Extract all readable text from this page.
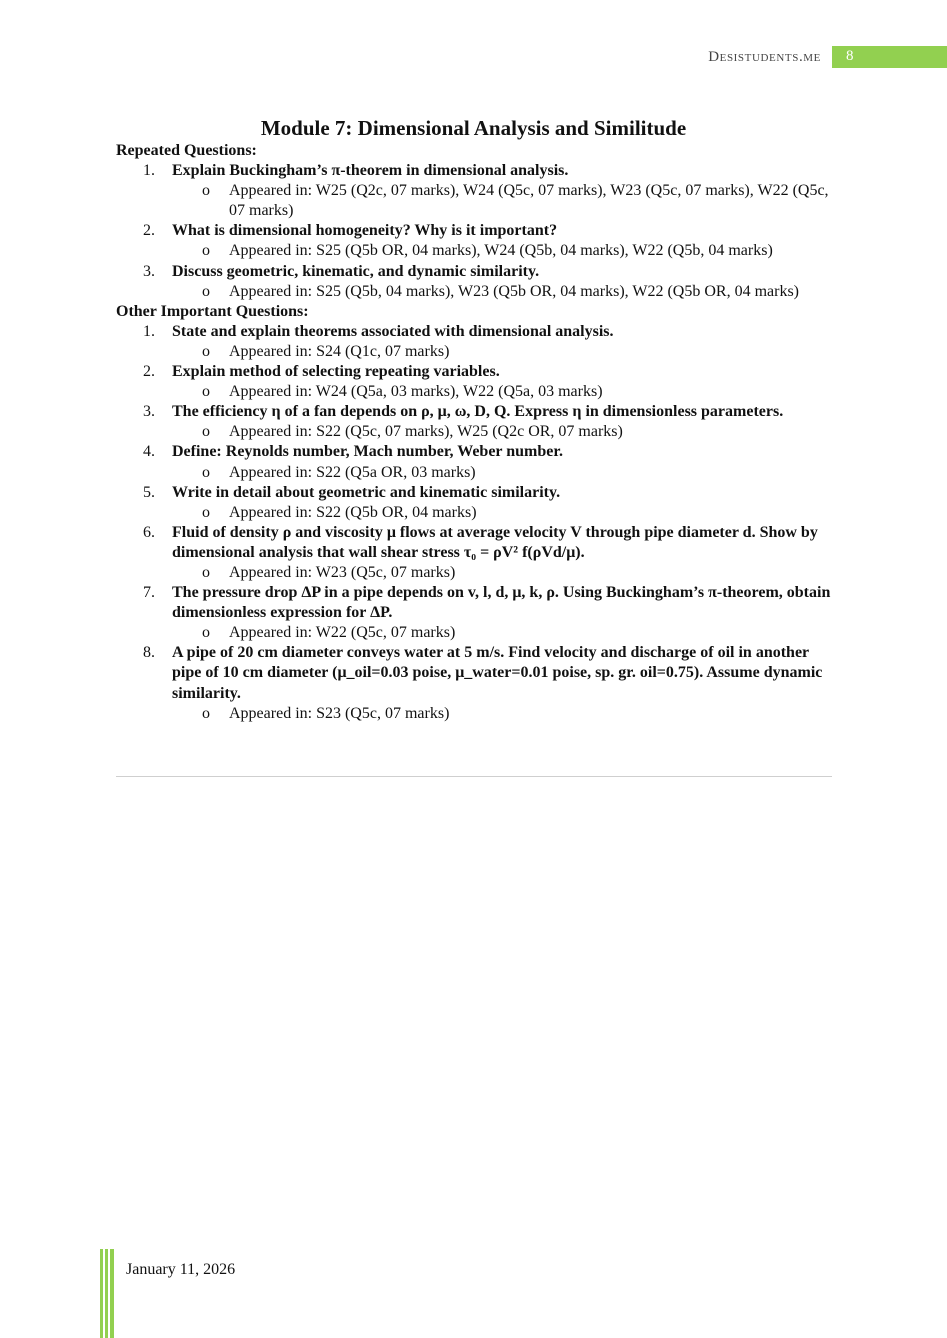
Desistudents.me	8
Module 7: Dimensional Analysis and Similitude
Repeated Questions:
1. Explain Buckingham’s π-theorem in dimensional analysis.
o Appeared in: W25 (Q2c, 07 marks), W24 (Q5c, 07 marks), W23 (Q5c, 07 marks), W22 (Q5c, 07 marks)
2. What is dimensional homogeneity? Why is it important?
o Appeared in: S25 (Q5b OR, 04 marks), W24 (Q5b, 04 marks), W22 (Q5b, 04 marks)
3. Discuss geometric, kinematic, and dynamic similarity.
o Appeared in: S25 (Q5b, 04 marks), W23 (Q5b OR, 04 marks), W22 (Q5b OR, 04 marks)
Other Important Questions:
1. State and explain theorems associated with dimensional analysis.
o Appeared in: S24 (Q1c, 07 marks)
2. Explain method of selecting repeating variables.
o Appeared in: W24 (Q5a, 03 marks), W22 (Q5a, 03 marks)
3. The efficiency η of a fan depends on ρ, μ, ω, D, Q. Express η in dimensionless parameters.
o Appeared in: S22 (Q5c, 07 marks), W25 (Q2c OR, 07 marks)
4. Define: Reynolds number, Mach number, Weber number.
o Appeared in: S22 (Q5a OR, 03 marks)
5. Write in detail about geometric and kinematic similarity.
o Appeared in: S22 (Q5b OR, 04 marks)
6. Fluid of density ρ and viscosity μ flows at average velocity V through pipe diameter d. Show by dimensional analysis that wall shear stress τ₀ = ρV² f(ρVd/μ).
o Appeared in: W23 (Q5c, 07 marks)
7. The pressure drop ΔP in a pipe depends on v, l, d, μ, k, ρ. Using Buckingham’s π-theorem, obtain dimensionless expression for ΔP.
o Appeared in: W22 (Q5c, 07 marks)
8. A pipe of 20 cm diameter conveys water at 5 m/s. Find velocity and discharge of oil in another pipe of 10 cm diameter (μ_oil=0.03 poise, μ_water=0.01 poise, sp. gr. oil=0.75). Assume dynamic similarity.
o Appeared in: S23 (Q5c, 07 marks)
January 11, 2026
